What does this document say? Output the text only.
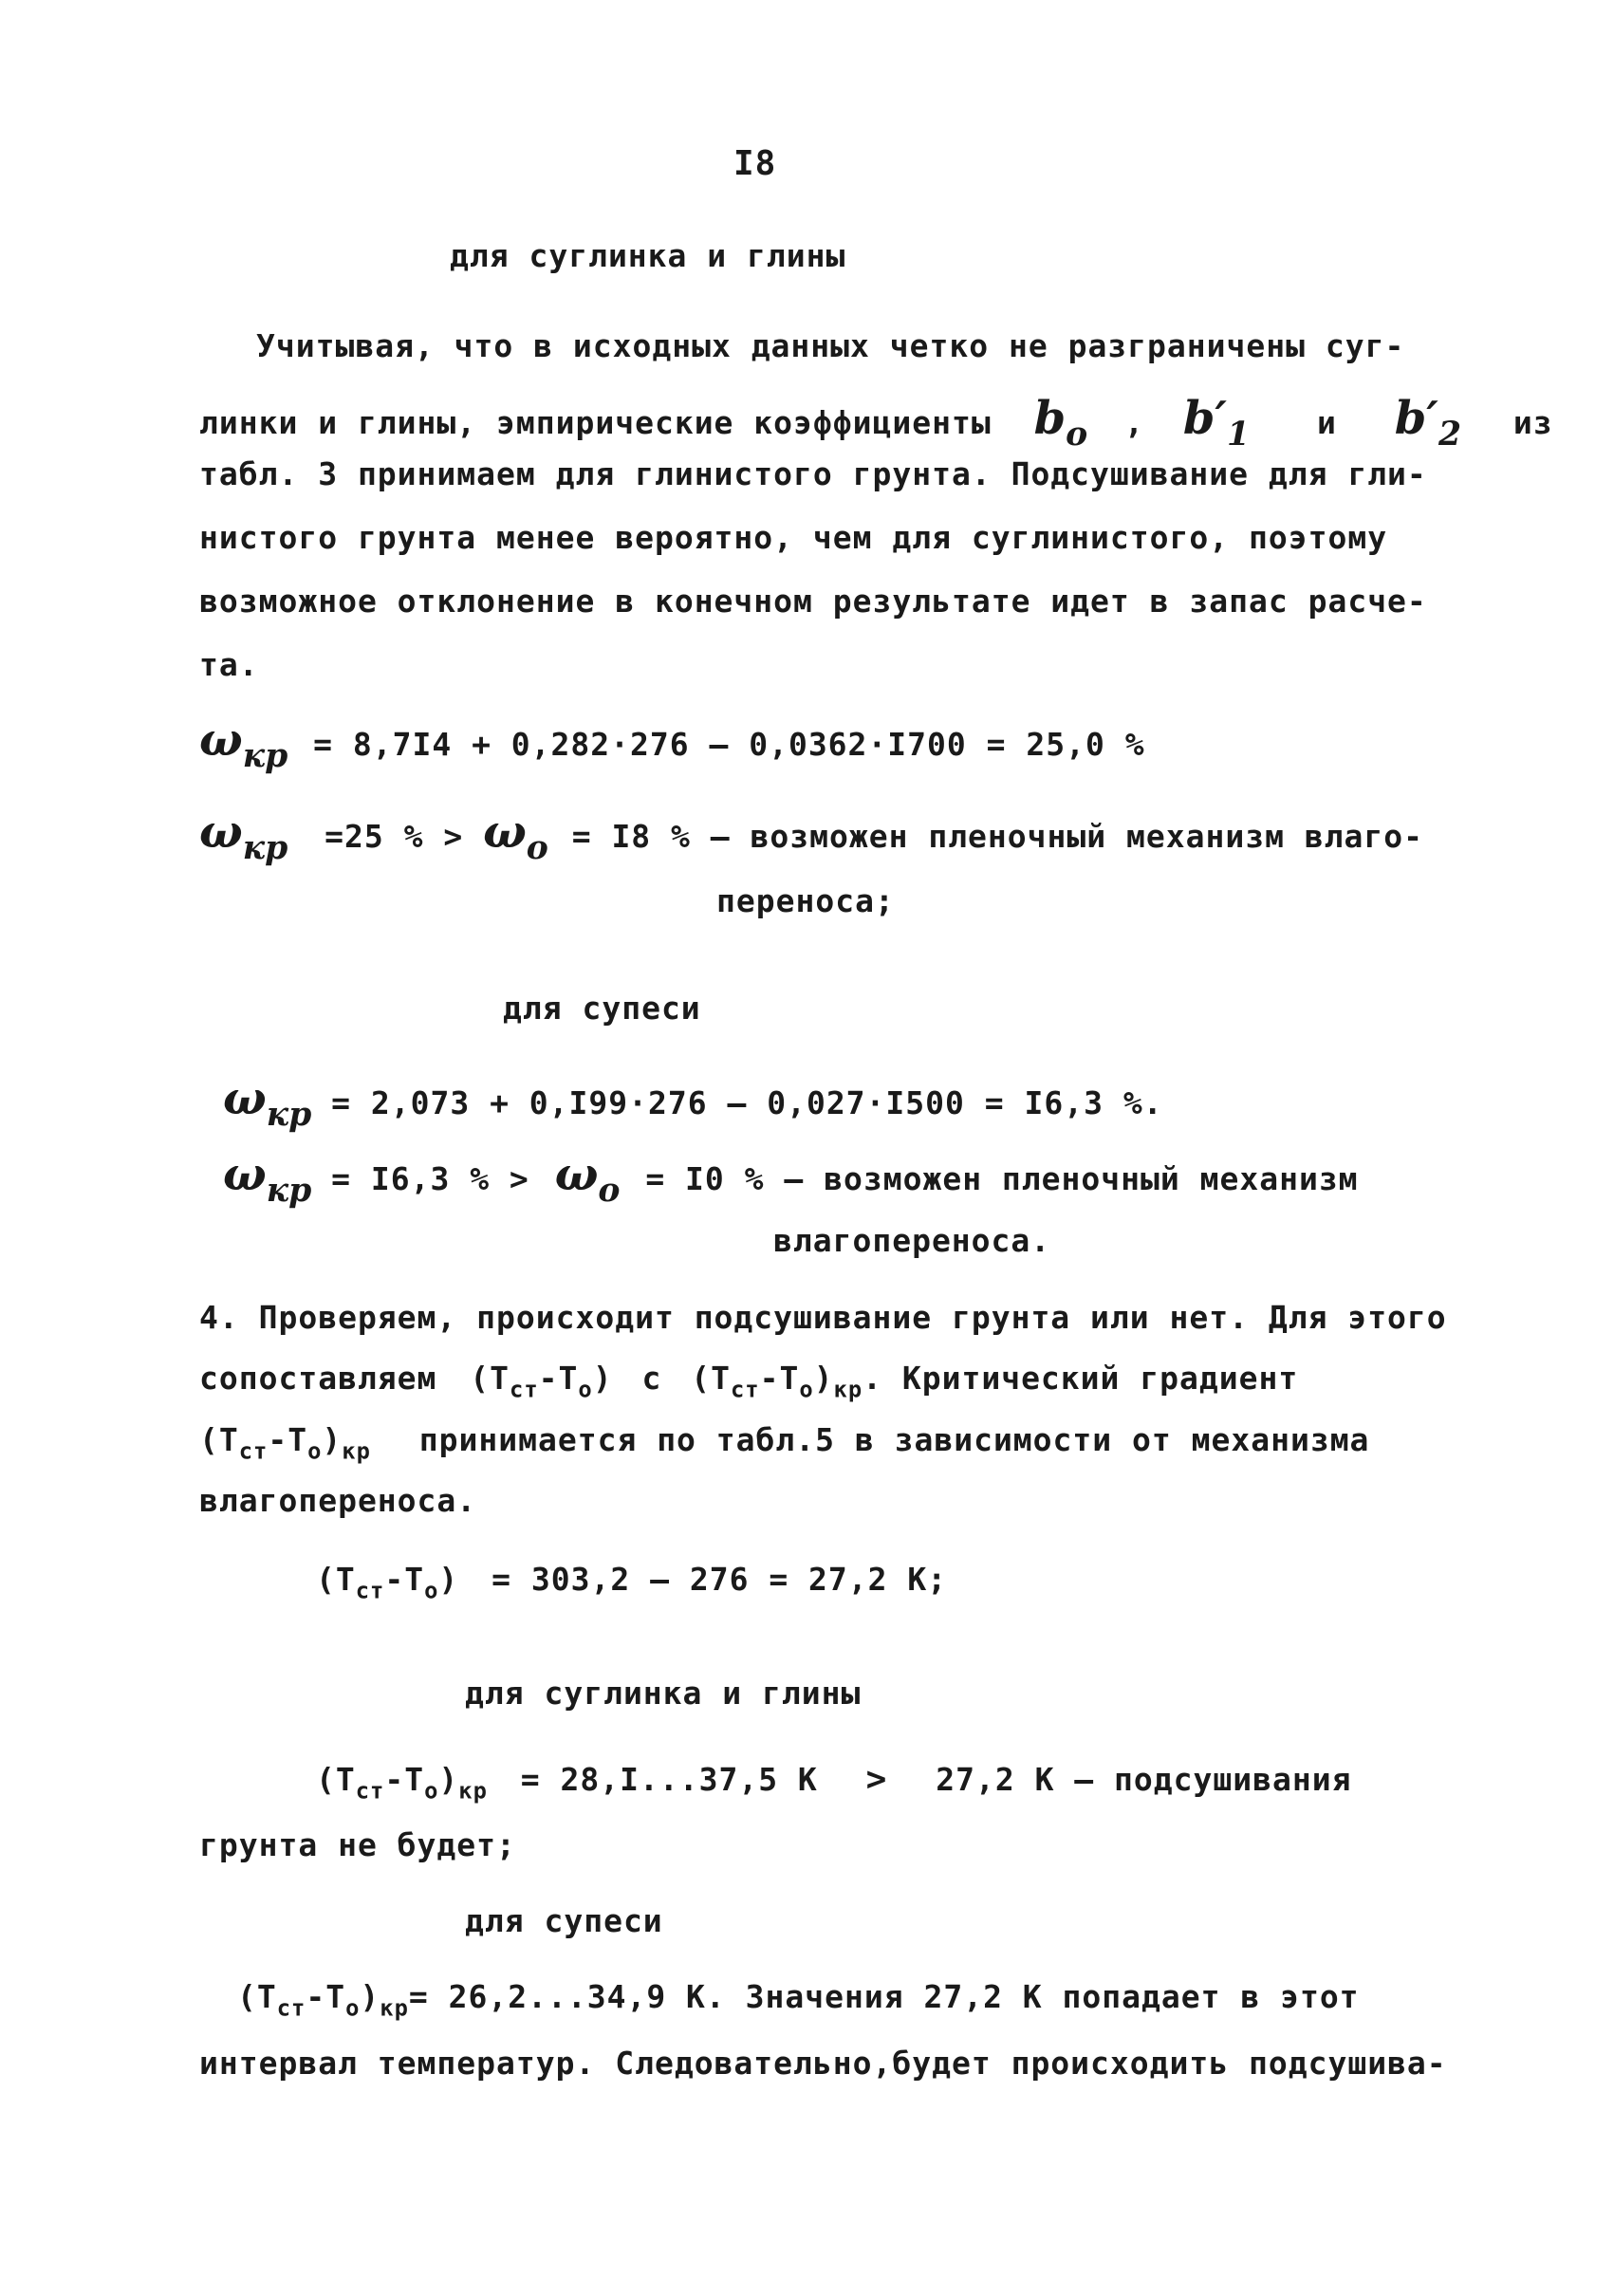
I8
для суглинка и глины
Учитывая, что в исходных данных четко не разграничены суг-
линки и глины, эмпирические коэффициенты $b_o$ , $b'_1$ и $b'_2$ из
табл. 3 принимаем для глинистого грунта. Подсушивание для гли-
нистого грунта менее вероятно, чем для суглинистого, поэтому
возможное отклонение в конечном результате идет в запас расче-
та.
$\omega_{кр} = 8,7I4 + 0,282\cdot 276 - 0,0362\cdot I700 = 25,0$ %
$\omega_{кр} =25$ % > $\omega_o = I8$ % – возможен пленочный механизм влаго-
переноса;
для супеси
$\omega_{кр} = 2,073 + 0,I99\cdot 276 - 0,027\cdot I500 = I6,3$ %.
$\omega_{кр} = I6,3$ % > $\omega_o = I0$ % – возможен пленочный механизм
влагопереноса.
4. Проверяем, происходит подсушивание грунта или нет. Для этого
сопоставляем $(T_{ст}-T_o)$ с $(T_{ст}-T_o)_{кр}$. Критический градиент
$(T_{ст}-T_o)_{кр}$ принимается по табл.5 в зависимости от механизма
влагопереноса.
$(T_{ст}-T_o) = 303,2 - 276 = 27,2$ К;
для суглинка и глины
$(T_{ст}-T_o)_{кр} = 28,I...37,5$ К > 27,2 К – подсушивания
грунта не будет;
для супеси
$(T_{ст}-T_o)_{кр}= 26,2...34,9$ К. Значения 27,2 К попадает в этот
интервал температур. Следовательно,будет происходить подсушива-
